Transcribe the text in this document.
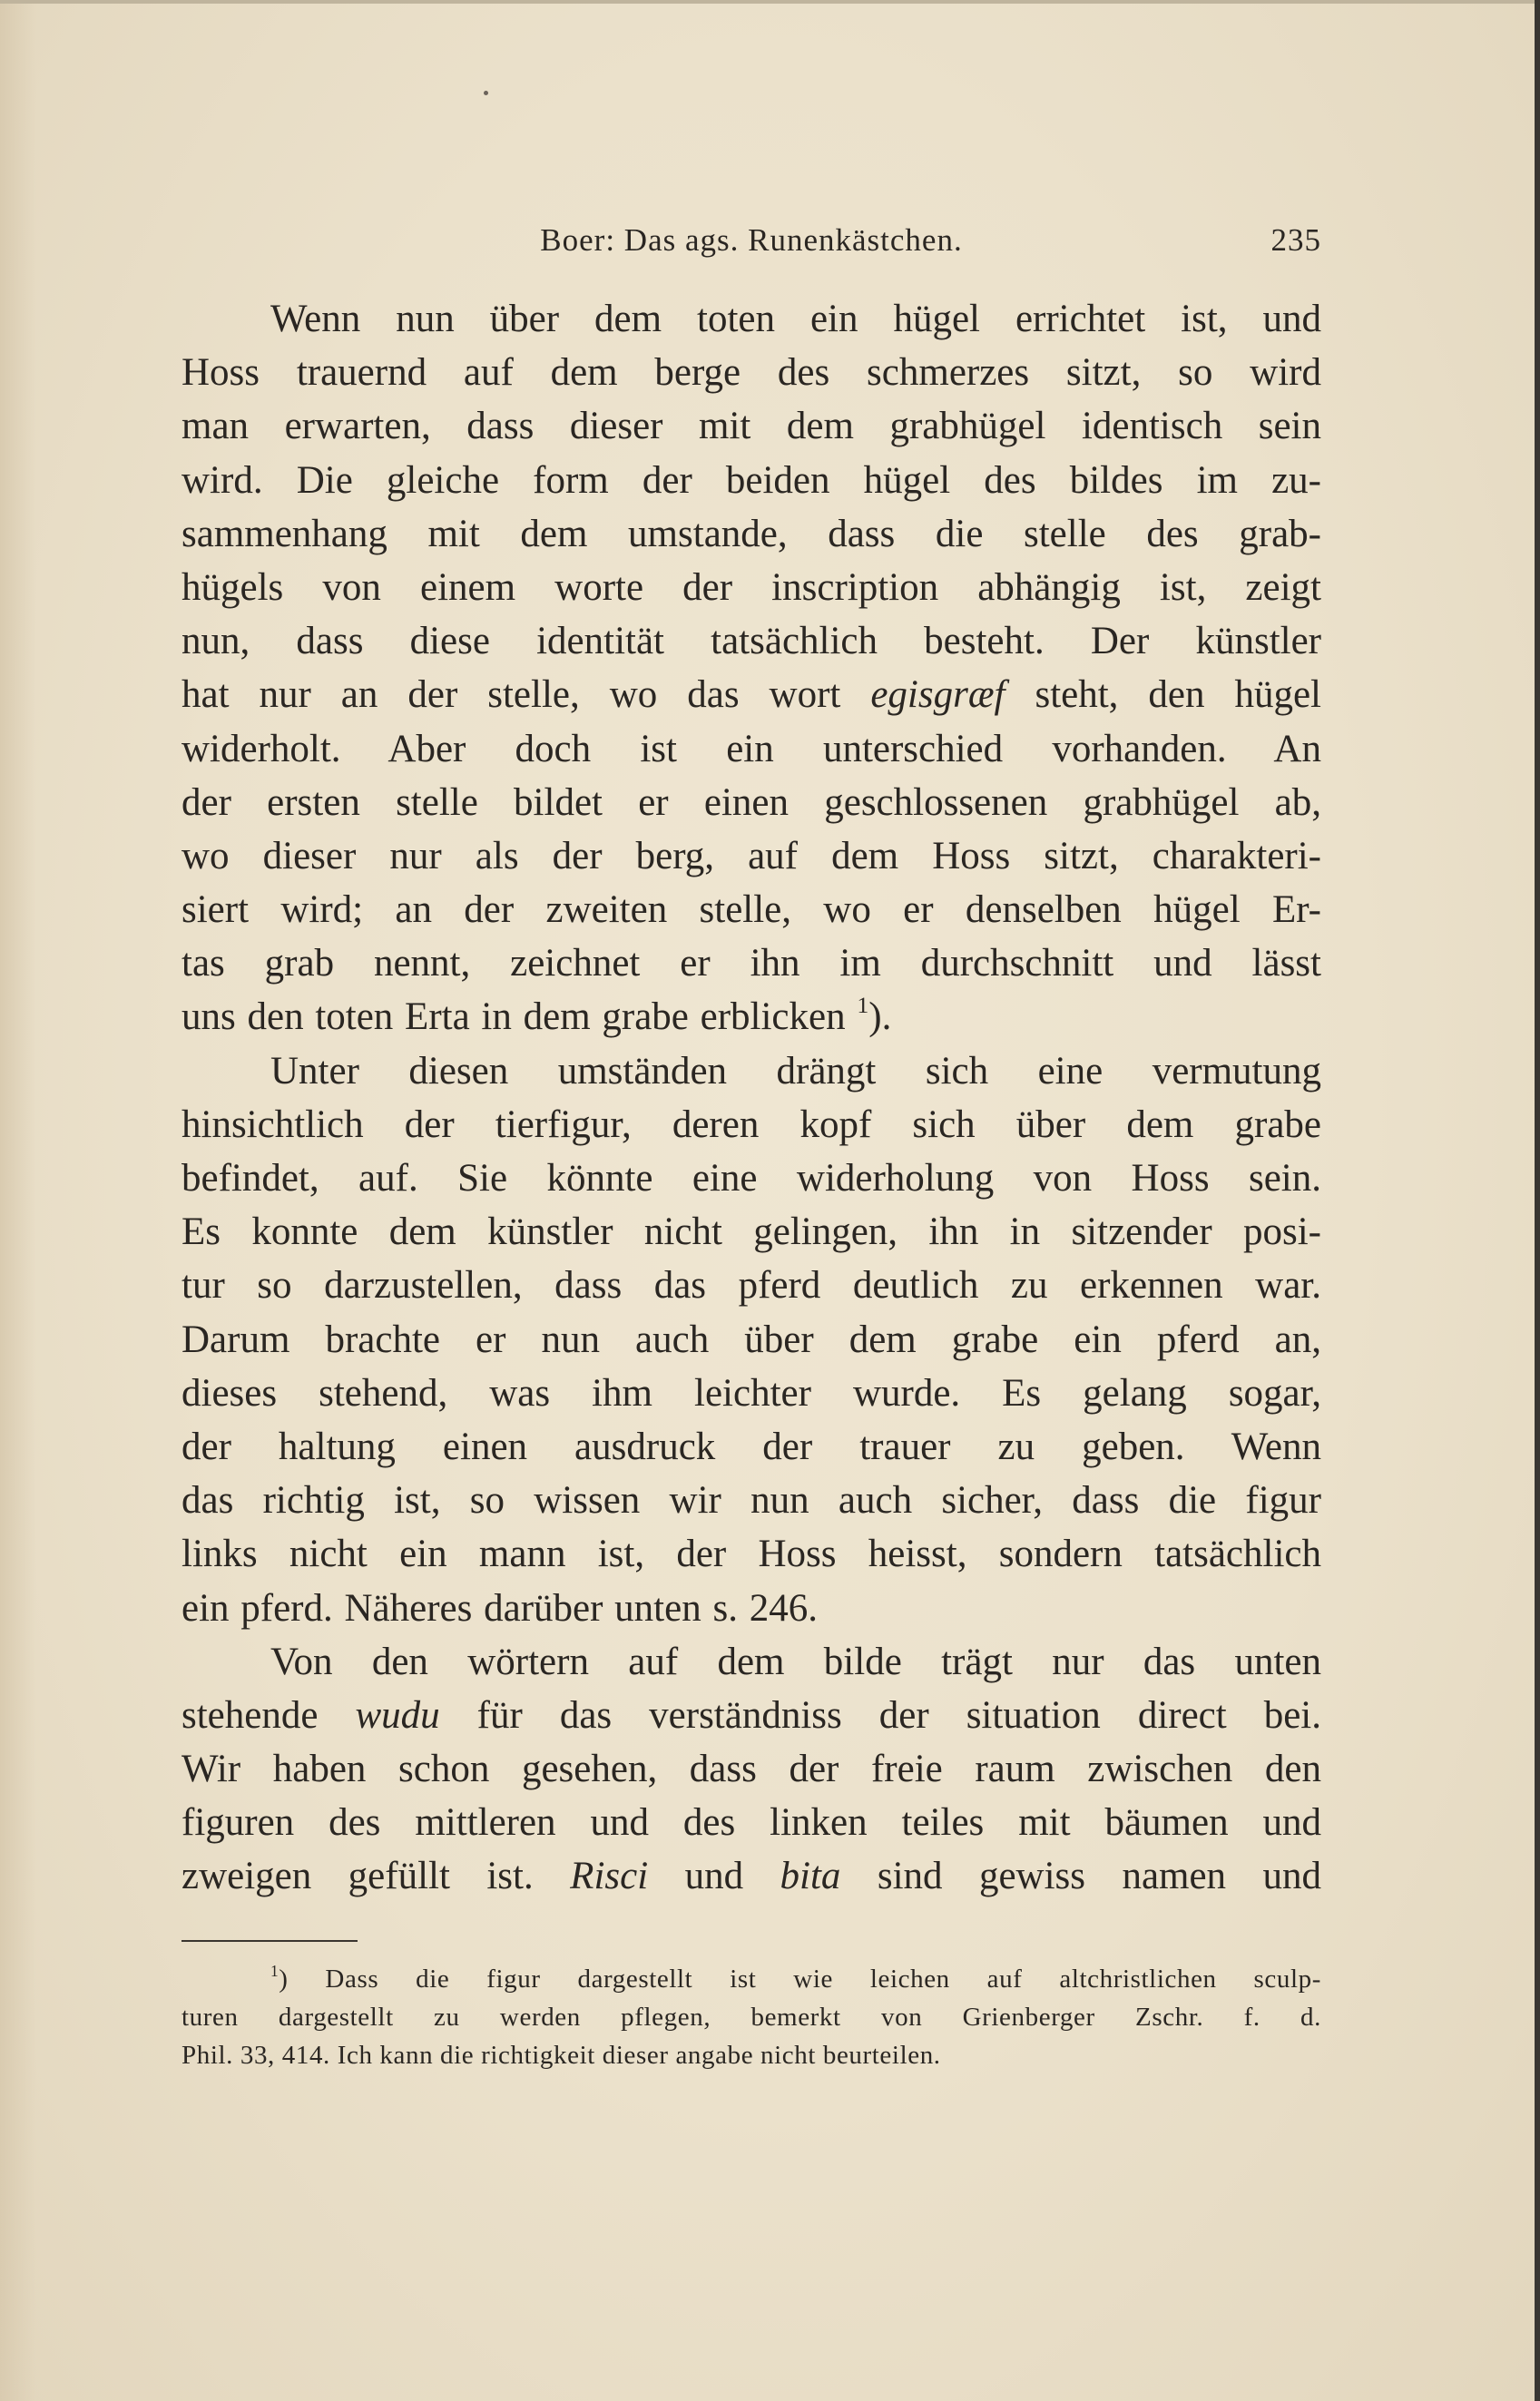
Boer: Das ags. Runenkästchen.	235
Wenn nun über dem toten ein hügel errichtet ist, und
Hoss trauernd auf dem berge des schmerzes sitzt, so wird
man erwarten, dass dieser mit dem grabhügel identisch sein
wird. Die gleiche form der beiden hügel des bildes im zu-
sammenhang mit dem umstande, dass die stelle des grab-
hügels von einem worte der inscription abhängig ist, zeigt
nun, dass diese identität tatsächlich besteht. Der künstler
hat nur an der stelle, wo das wort egisgræf steht, den hügel
widerholt. Aber doch ist ein unterschied vorhanden. An
der ersten stelle bildet er einen geschlossenen grabhügel ab,
wo dieser nur als der berg, auf dem Hoss sitzt, charakteri-
siert wird; an der zweiten stelle, wo er denselben hügel Er-
tas grab nennt, zeichnet er ihn im durchschnitt und lässt
uns den toten Erta in dem grabe erblicken $^1$).
Unter diesen umständen drängt sich eine vermutung
hinsichtlich der tierfigur, deren kopf sich über dem grabe
befindet, auf. Sie könnte eine widerholung von Hoss sein.
Es konnte dem künstler nicht gelingen, ihn in sitzender posi-
tur so darzustellen, dass das pferd deutlich zu erkennen war.
Darum brachte er nun auch über dem grabe ein pferd an,
dieses stehend, was ihm leichter wurde. Es gelang sogar,
der haltung einen ausdruck der trauer zu geben. Wenn
das richtig ist, so wissen wir nun auch sicher, dass die figur
links nicht ein mann ist, der Hoss heisst, sondern tatsächlich
ein pferd. Näheres darüber unten s. 246.
Von den wörtern auf dem bilde trägt nur das unten
stehende wudu für das verständniss der situation direct bei.
Wir haben schon gesehen, dass der freie raum zwischen den
figuren des mittleren und des linken teiles mit bäumen und
zweigen gefüllt ist. Risci und bita sind gewiss namen und
$^1$) Dass die figur dargestellt ist wie leichen auf altchristlichen sculp-
turen dargestellt zu werden pflegen, bemerkt von Grienberger Zschr. f. d.
Phil. 33, 414. Ich kann die richtigkeit dieser angabe nicht beurteilen.
